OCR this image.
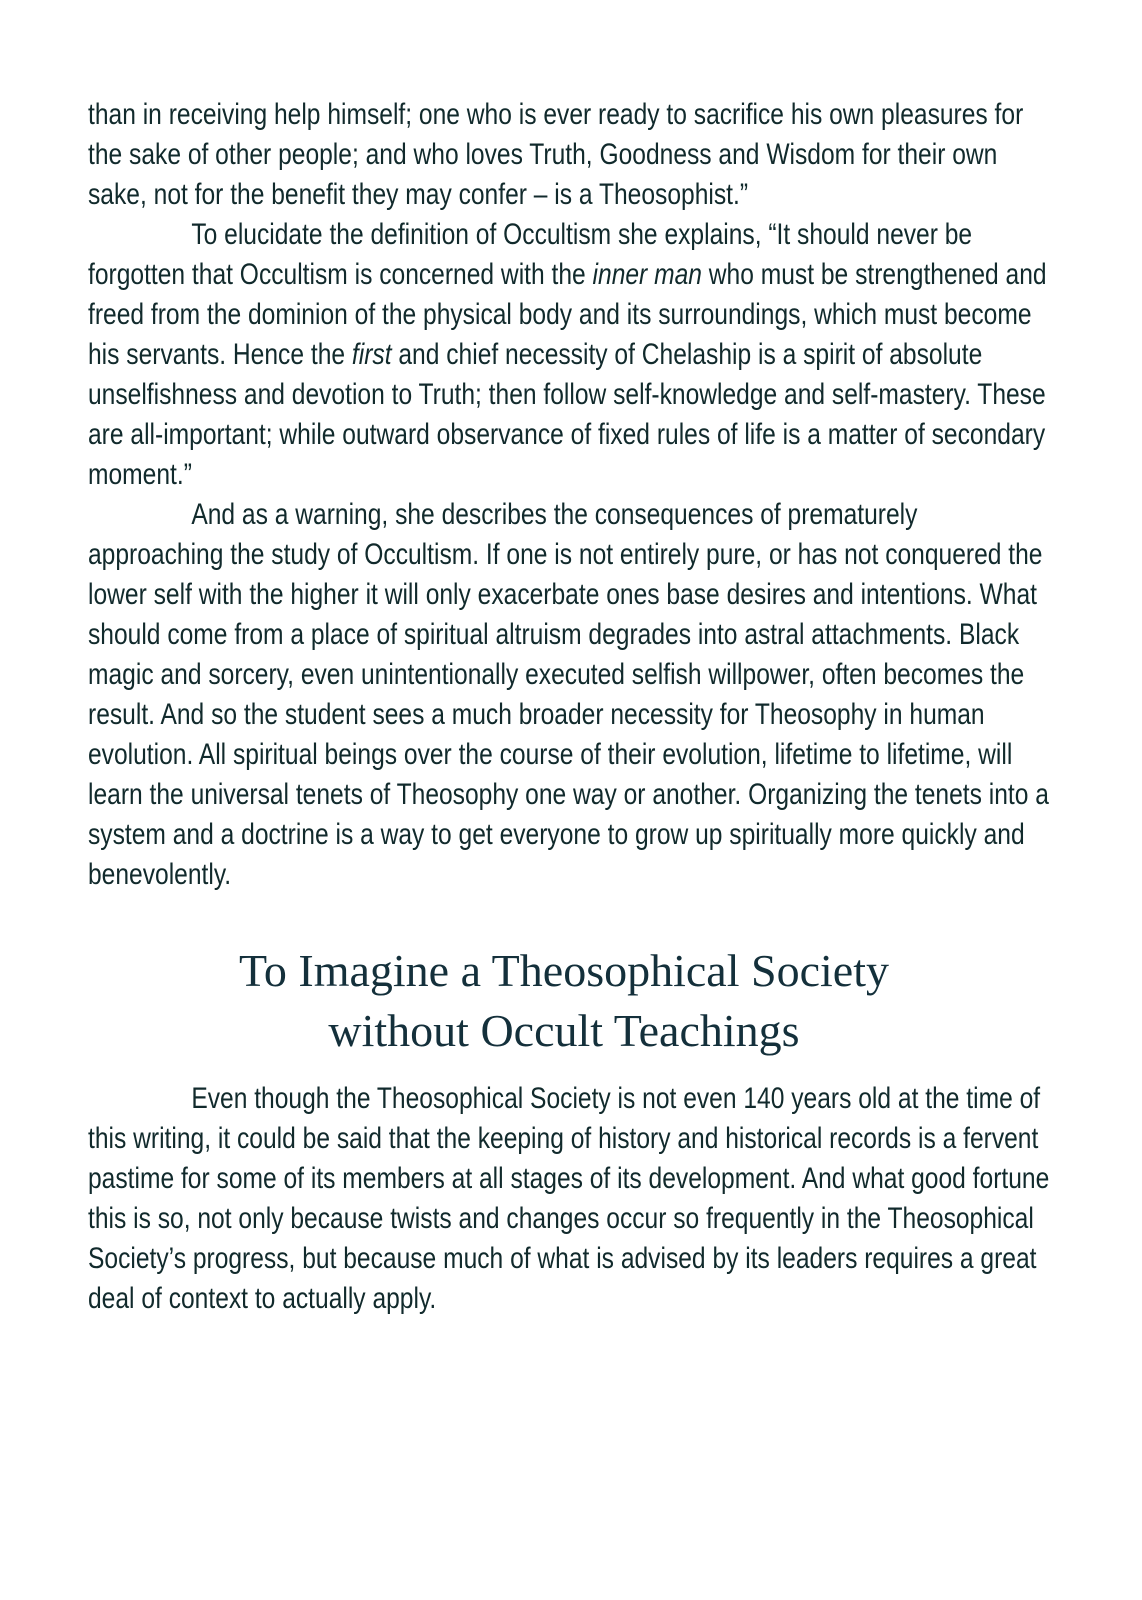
than in receiving help himself; one who is ever ready to sacrifice his own pleasures for the sake of other people; and who loves Truth, Goodness and Wisdom for their own sake, not for the benefit they may confer – is a Theosophist.”

To elucidate the definition of Occultism she explains, “It should never be forgotten that Occultism is concerned with the inner man who must be strengthened and freed from the dominion of the physical body and its surroundings, which must become his servants. Hence the first and chief necessity of Chelaship is a spirit of absolute unselfishness and devotion to Truth; then follow self-knowledge and self-mastery. These are all-important; while outward observance of fixed rules of life is a matter of secondary moment.”

And as a warning, she describes the consequences of prematurely approaching the study of Occultism. If one is not entirely pure, or has not conquered the lower self with the higher it will only exacerbate ones base desires and intentions. What should come from a place of spiritual altruism degrades into astral attachments. Black magic and sorcery, even unintentionally executed selfish willpower, often becomes the result. And so the student sees a much broader necessity for Theosophy in human evolution. All spiritual beings over the course of their evolution, lifetime to lifetime, will learn the universal tenets of Theosophy one way or another. Organizing the tenets into a system and a doctrine is a way to get everyone to grow up spiritually more quickly and benevolently.

To Imagine a Theosophical Society
without Occult Teachings

Even though the Theosophical Society is not even 140 years old at the time of this writing, it could be said that the keeping of history and historical records is a fervent pastime for some of its members at all stages of its development. And what good fortune this is so, not only because twists and changes occur so frequently in the Theosophical Society’s progress, but because much of what is advised by its leaders requires a great deal of context to actually apply.
